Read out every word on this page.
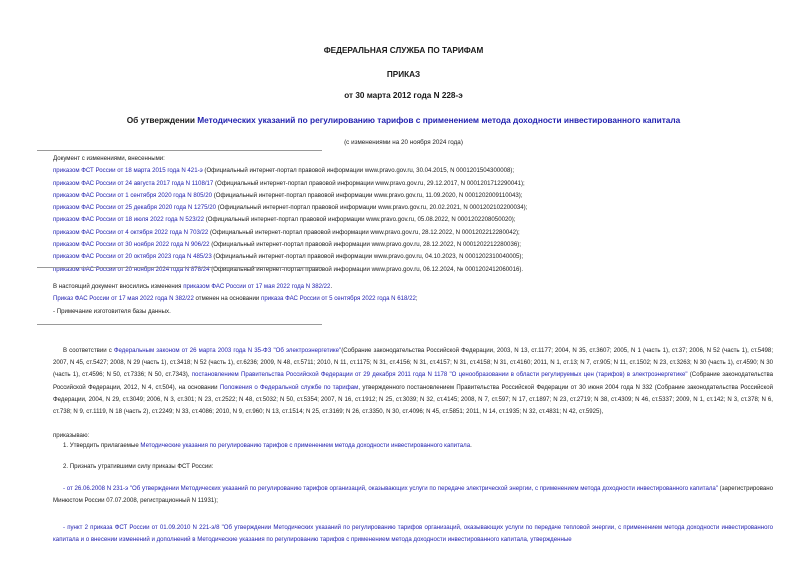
ФЕДЕРАЛЬНАЯ СЛУЖБА ПО ТАРИФАМ
ПРИКАЗ
от 30 марта 2012 года N 228-э
Об утверждении Методических указаний по регулированию тарифов с применением метода доходности инвестированного капитала
(с изменениями на 20 ноября 2024 года)
Документ с изменениями, внесенными:
приказом ФСТ России от 18 марта 2015 года N 421-э (Официальный интернет-портал правовой информации www.pravo.gov.ru, 30.04.2015, N 0001201504300008);
приказом ФАС России от 24 августа 2017 года N 1108/17 (Официальный интернет-портал правовой информации www.pravo.gov.ru, 29.12.2017, N 0001201712290041);
приказом ФАС России от 1 сентября 2020 года N 805/20 (Официальный интернет-портал правовой информации www.pravo.gov.ru, 11.09.2020, N 0001202009110043);
приказом ФАС России от 25 декабря 2020 года N 1275/20 (Официальный интернет-портал правовой информации www.pravo.gov.ru, 20.02.2021, N 0001202102200034);
приказом ФАС России от 18 июля 2022 года N 523/22 (Официальный интернет-портал правовой информации www.pravo.gov.ru, 05.08.2022, N 0001202208050020);
приказом ФАС России от 4 октября 2022 года N 703/22 (Официальный интернет-портал правовой информации www.pravo.gov.ru, 28.12.2022, N 0001202212280042);
приказом ФАС России от 30 ноября 2022 года N 906/22 (Официальный интернет-портал правовой информации www.pravo.gov.ru, 28.12.2022, N 0001202212280036);
приказом ФАС России от 20 октября 2023 года N 485/23 (Официальный интернет-портал правовой информации www.pravo.gov.ru, 04.10.2023, N 0001202310040005);
приказом ФАС России от 20 ноября 2024 года N 878/24 (Официальный интернет-портал правовой информации www.pravo.gov.ru, 06.12.2024, № 0001202412060016).
В настоящий документ вносились изменения приказом ФАС России от 17 мая 2022 года N 382/22.
Приказ ФАС России от 17 мая 2022 года N 382/22 отменен на основании приказа ФАС России от 5 сентября 2022 года N 618/22;
- Примечание изготовителя базы данных.

В соответствии с Федеральным законом от 26 марта 2003 года N 35-ФЗ "Об электроэнергетике"(Собрание законодательства Российской Федерации, 2003, N 13, ст.1177; 2004, N 35, ст.3607; 2005, N 1 (часть 1), ст.37; 2006, N 52 (часть 1), ст.5498; 2007, N 45, ст.5427; 2008, N 29 (часть 1), ст.3418; N 52 (часть 1), ст.6236; 2009, N 48, ст.5711; 2010, N 11, ст.1175; N 31, ст.4156; N 31, ст.4157; N 31, ст.4158; N 31, ст.4160; 2011, N 1, ст.13; N 7, ст.905; N 11, ст.1502; N 23, ст.3263; N 30 (часть 1), ст.4590; N 30 (часть 1), ст.4596; N 50, ст.7336; N 50, ст.7343), постановлением Правительства Российской Федерации от 29 декабря 2011 года N 1178 "О ценообразовании в области регулируемых цен (тарифов) в электроэнергетике" (Собрание законодательства Российской Федерации, 2012, N 4, ст.504), на основании Положения о Федеральной службе по тарифам, утвержденного постановлением Правительства Российской Федерации от 30 июня 2004 года N 332 (Собрание законодательства Российской Федерации, 2004, N 29, ст.3049; 2006, N 3, ст.301; N 23, ст.2522; N 48, ст.5032; N 50, ст.5354; 2007, N 16, ст.1912; N 25, ст.3039; N 32, ст.4145; 2008, N 7, ст.597; N 17, ст.1897; N 23, ст.2719; N 38, ст.4309; N 46, ст.5337; 2009, N 1, ст.142; N 3, ст.378; N 6, ст.738; N 9, ст.1119, N 18 (часть 2), ст.2249; N 33, ст.4086; 2010, N 9, ст.960; N 13, ст.1514; N 25, ст.3169; N 26, ст.3350, N 30, ст.4096; N 45, ст.5851; 2011, N 14, ст.1935; N 32, ст.4831; N 42, ст.5925),

приказываю:
1. Утвердить прилагаемые Методические указания по регулированию тарифов с применением метода доходности инвестированного капитала.
2. Признать утратившими силу приказы ФСТ России:

- от 26.06.2008 N 231-э "Об утверждении Методических указаний по регулированию тарифов организаций, оказывающих услуги по передаче электрической энергии, с применением метода доходности инвестированного капитала" (зарегистрировано Минюстом России 07.07.2008, регистрационный N 11931);

- пункт 2 приказа ФСТ России от 01.09.2010 N 221-э/8 "Об утверждении Методических указаний по регулированию тарифов организаций, оказывающих услуги по передаче тепловой энергии, с применением метода доходности инвестированного капитала и о внесении изменений и дополнений в Методические указания по регулированию тарифов с применением метода доходности инвестированного капитала, утвержденные
